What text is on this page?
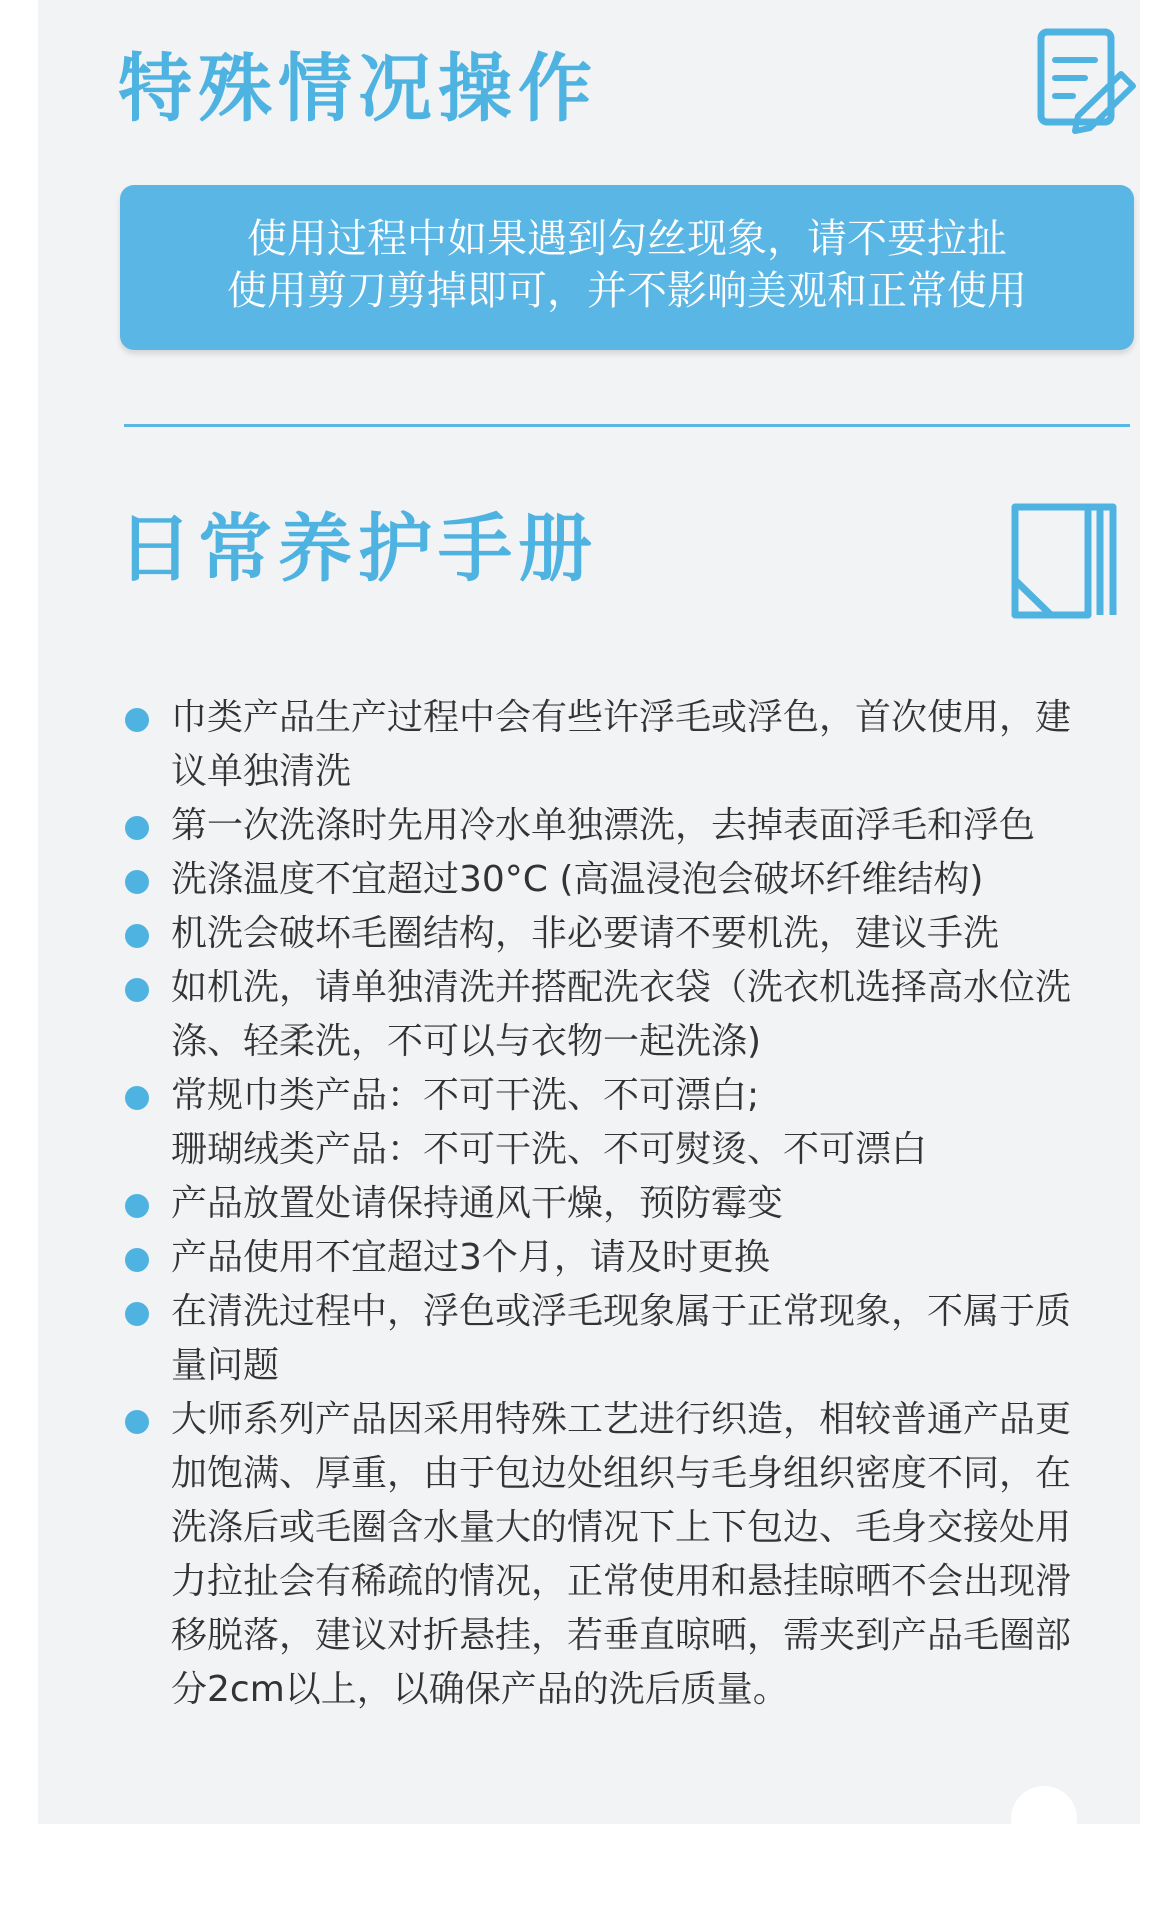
特殊情况操作
使用过程中如果遇到勾丝现象，请不要拉扯
使用剪刀剪掉即可，并不影响美观和正常使用
日常养护手册
巾类产品生产过程中会有些许浮毛或浮色，首次使用，建
议单独清洗
第一次洗涤时先用冷水单独漂洗，去掉表面浮毛和浮色
洗涤温度不宜超过30°C (高温浸泡会破坏纤维结构)
机洗会破坏毛圈结构，非必要请不要机洗，建议手洗
如机洗，请单独清洗并搭配洗衣袋（洗衣机选择高水位洗
涤、轻柔洗，不可以与衣物一起洗涤)
常规巾类产品：不可干洗、不可漂白;
珊瑚绒类产品：不可干洗、不可熨烫、不可漂白
产品放置处请保持通风干燥，预防霉变
产品使用不宜超过3个月，请及时更换
在清洗过程中，浮色或浮毛现象属于正常现象，不属于质
量问题
大师系列产品因采用特殊工艺进行织造，相较普通产品更
加饱满、厚重，由于包边处组织与毛身组织密度不同，在
洗涤后或毛圈含水量大的情况下上下包边、毛身交接处用
力拉扯会有稀疏的情况，正常使用和悬挂晾晒不会出现滑
移脱落，建议对折悬挂，若垂直晾晒，需夹到产品毛圈部
分2cm以上，以确保产品的洗后质量。
